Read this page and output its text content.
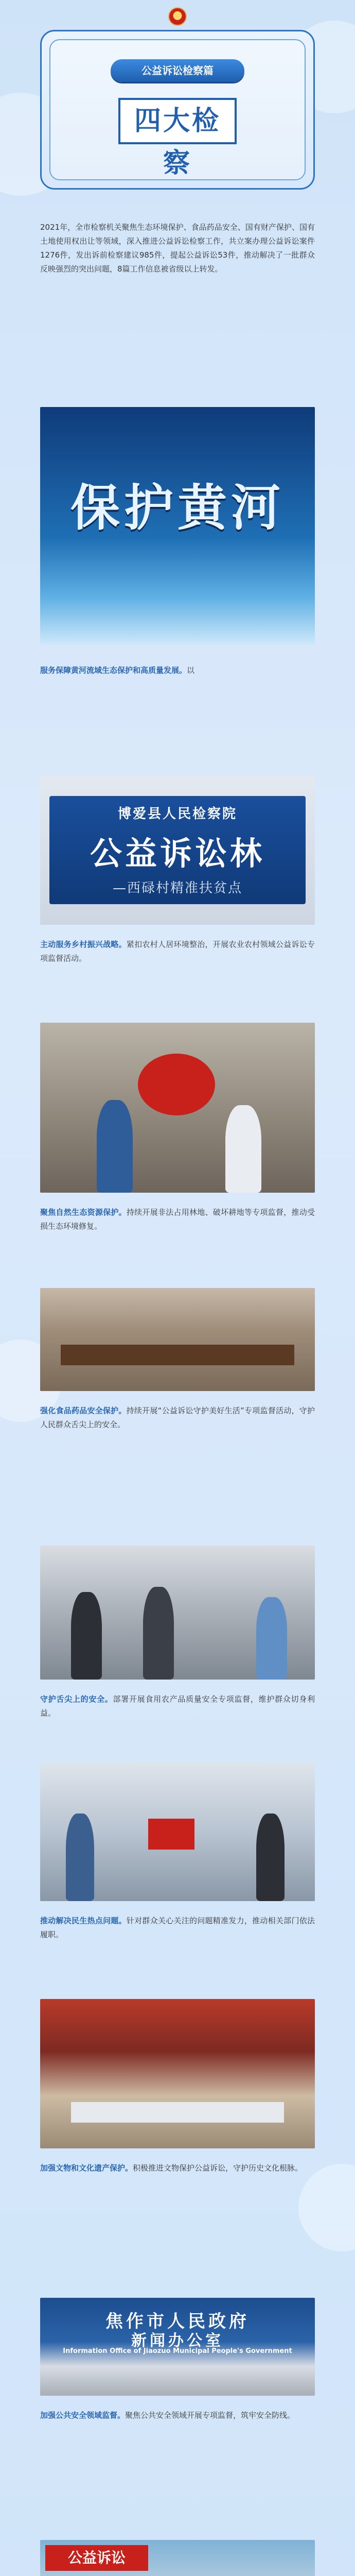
公益诉讼检察篇
四大检察

2021年，全市检察机关聚焦生态环境保护、食品药品安全、国有财产保护、国有土地使用权出让等领域，深入推进公益诉讼检察工作，共立案办理公益诉讼案件1276件，发出诉前检察建议985件，提起公益诉讼53件，推动解决了一批群众反映强烈的突出问题，8篇工作信息被省级以上转发。

保护黄河

服务保障黄河流域生态保护和高质量发展。以

博爱县人民检察院
公益诉讼林
—西碌村精准扶贫点

主动服务乡村振兴战略。紧扣农村人居环境整治，开展农业农村领域公益诉讼专项监督活动。

聚焦自然生态资源保护。持续开展非法占用林地、破坏耕地等专项监督，推动受损生态环境修复。

强化食品药品安全保护。持续开展“公益诉讼守护美好生活”专项监督活动，守护人民群众舌尖上的安全。

守护舌尖上的安全。部署开展食用农产品质量安全专项监督，维护群众切身利益。

推动解决民生热点问题。针对群众关心关注的问题精准发力，推动相关部门依法履职。

加强文物和文化遗产保护。积极推进文物保护公益诉讼，守护历史文化根脉。

焦作市人民政府
新闻办公室
Information Office of Jiaozuo Municipal People's Government

加强公共安全领域监督。聚焦公共安全领域开展专项监督，筑牢安全防线。

公益诉讼
